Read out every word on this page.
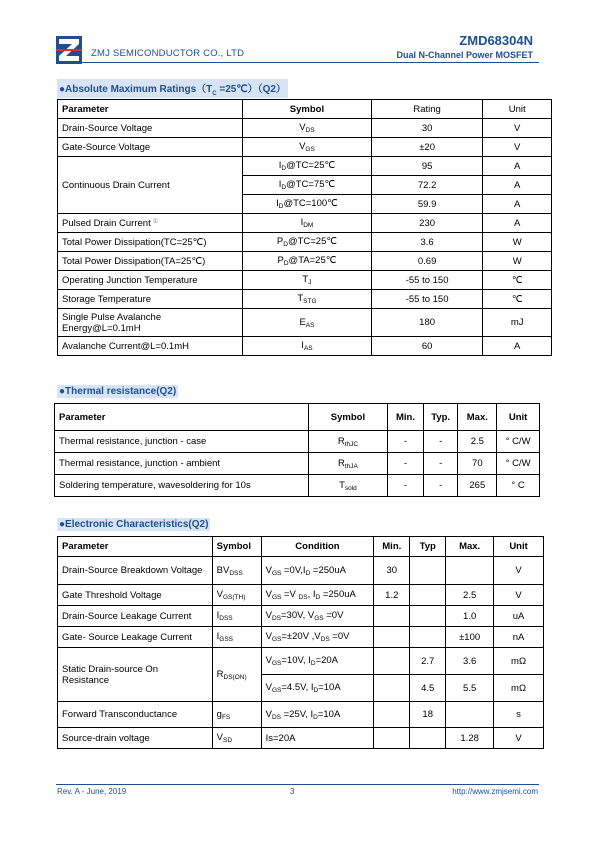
ZMJ SEMICONDUCTOR CO., LTD
ZMD68304N
Dual N-Channel Power MOSFET
●Absolute Maximum $Ratings(T_C$ =25℃）（Q2）
Parameter	Symbol	Rating	Unit
Drain-Source Voltage	$V_{DS}$	30	V
Gate-Source Voltage	$V_{GS}$	±20	V
Continuous Drain Current	$I_D@TC=25℃$	95	A
	$I_D@TC=75℃$	72.2	A
	$I_D@TC=100℃$	59.9	A
Pulsed Drain Current ①	$I_{DM}$	230	A
Total Power Dissipation(TC=25℃)	$P_D@TC=25℃$	3.6	W
Total Power Dissipation(TA=25℃)	$P_D@TA=25℃$	0.69	W
Operating Junction Temperature	$T_J$	-55 to 150	℃
Storage Temperature	$T_{STG}$	-55 to 150	℃
Single Pulse Avalanche Energy@L=0.1mH	$E_{AS}$	180	mJ
Avalanche Current@L=0.1mH	$I_{AS}$	60	A
●Thermal resistance(Q2)
Parameter	Symbol	Min.	Typ.	Max.	Unit
Thermal resistance, junction - case	$R_{thJC}$	-	-	2.5	° C/W
Thermal resistance, junction - ambient	$R_{thJA}$	-	-	70	° C/W
Soldering temperature, wavesoldering for 10s	$T_{sold}$	-	-	265	° C
●Electronic Characteristics(Q2)
Parameter	Symbol	Condition	Min.	Typ	Max.	Unit
Drain-Source Breakdown Voltage	$BV_{DSS}$	$V_{GS} =0V,I_D =250uA$	30			V
Gate Threshold Voltage	$V_{GS(TH)}$	$V_{GS} =V$ $_{DS}$, $I_D =250uA$	1.2		2.5	V
Drain-Source Leakage Current	$I_{DSS}$	$V_{DS}=30V$, $V_{GS} =0V$			1.0	uA
Gate- Source Leakage Current	$I_{GSS}$	$V_{GS}=\pm 20V$ $,V_{DS} =0V$			±100	nA
Static Drain-source On Resistance	$R_{DS(ON)}$	$V_{GS}=10V$, $I_D=20A$		2.7	3.6	mΩ
		$V_{GS}=4.5V$, $I_D=10A$		4.5	5.5	mΩ
Forward Transconductance	$g_{FS}$	$V_{DS} =25V$, $I_D=10A$		18		s
Source-drain voltage	$V_{SD}$	Is=20A			1.28	V
Rev. A - June, 2019	3	http://www.zmjsemi.com
